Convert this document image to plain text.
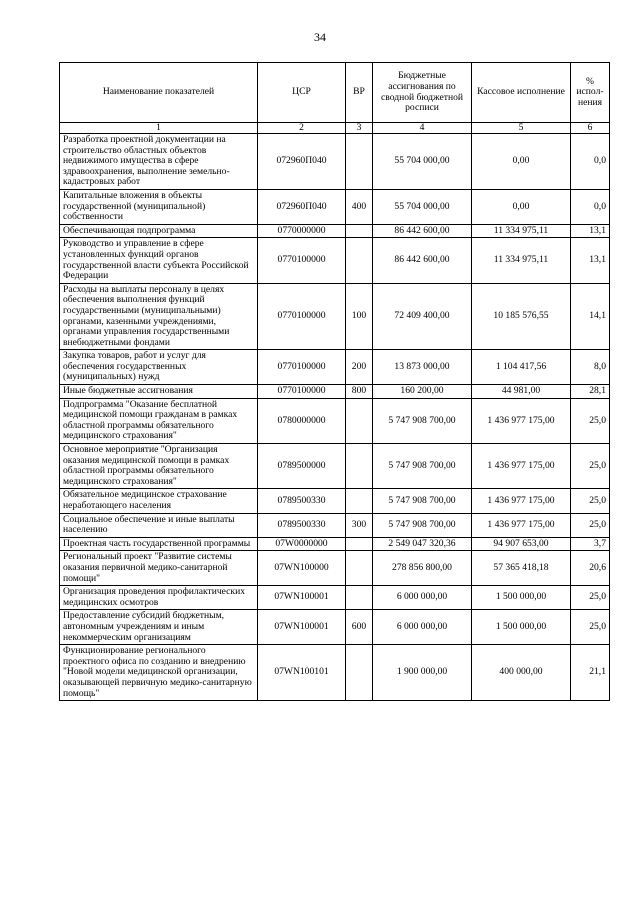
34
Наименование показателей	ЦСР	ВР	Бюджетные ассигнования по сводной бюджетной росписи	Кассовое исполнение	% испол-нения
1	2	3	4	5	6
Разработка проектной документации на строительство областных объектов недвижимого имущества в сфере здравоохранения, выполнение земельно-кадастровых работ	072960П040		55 704 000,00	0,00	0,0
Капитальные вложения в объекты государственной (муниципальной) собственности	072960П040	400	55 704 000,00	0,00	0,0
Обеспечивающая подпрограмма	0770000000		86 442 600,00	11 334 975,11	13,1
Руководство и управление в сфере установленных функций органов государственной власти субъекта Российской Федерации	0770100000		86 442 600,00	11 334 975,11	13,1
Расходы на выплаты персоналу в целях обеспечения выполнения функций государственными (муниципальными) органами, казенными учреждениями, органами управления государственными внебюджетными фондами	0770100000	100	72 409 400,00	10 185 576,55	14,1
Закупка товаров, работ и услуг для обеспечения государственных (муниципальных) нужд	0770100000	200	13 873 000,00	1 104 417,56	8,0
Иные бюджетные ассигнования	0770100000	800	160 200,00	44 981,00	28,1
Подпрограмма "Оказание бесплатной медицинской помощи гражданам в рамках областной программы обязательного медицинского страхования"	0780000000		5 747 908 700,00	1 436 977 175,00	25,0
Основное мероприятие "Организация оказания медицинской помощи в рамках областной программы обязательного медицинского страхования"	0789500000		5 747 908 700,00	1 436 977 175,00	25,0
Обязательное медицинское страхование неработающего населения	0789500330		5 747 908 700,00	1 436 977 175,00	25,0
Социальное обеспечение и иные выплаты населению	0789500330	300	5 747 908 700,00	1 436 977 175,00	25,0
Проектная часть государственной программы	07W0000000		2 549 047 320,36	94 907 653,00	3,7
Региональный проект "Развитие системы оказания первичной медико-санитарной помощи"	07WN100000		278 856 800,00	57 365 418,18	20,6
Организация проведения профилактических медицинских осмотров	07WN100001		6 000 000,00	1 500 000,00	25,0
Предоставление субсидий бюджетным, автономным учреждениям и иным некоммерческим организациям	07WN100001	600	6 000 000,00	1 500 000,00	25,0
Функционирование регионального проектного офиса по созданию и внедрению "Новой модели медицинской организации, оказывающей первичную медико-санитарную помощь"	07WN100101		1 900 000,00	400 000,00	21,1
